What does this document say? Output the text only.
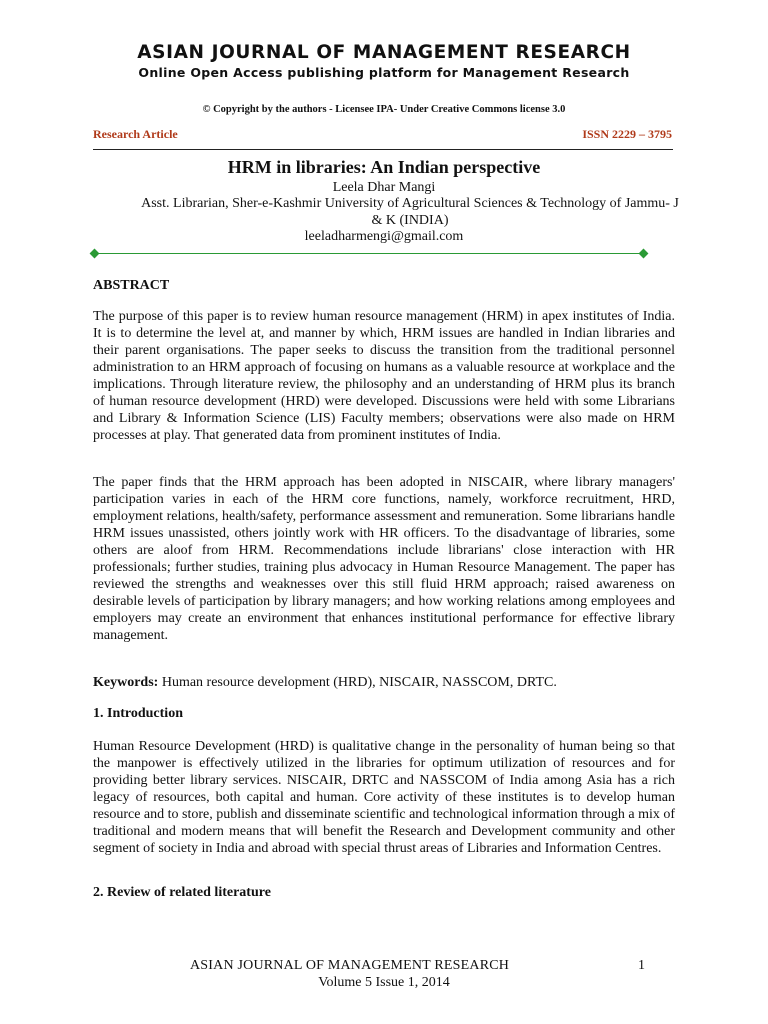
ASIAN JOURNAL OF MANAGEMENT RESEARCH
Online Open Access publishing platform for Management Research
© Copyright by the authors - Licensee IPA- Under Creative Commons license 3.0
Research Article	ISSN 2229 – 3795
HRM in libraries: An Indian perspective
Leela Dhar Mangi
Asst. Librarian, Sher-e-Kashmir University of Agricultural Sciences & Technology of Jammu- J & K (INDIA)
leeladharmengi@gmail.com
ABSTRACT
The purpose of this paper is to review human resource management (HRM) in apex institutes of India. It is to determine the level at, and manner by which, HRM issues are handled in Indian libraries and their parent organisations. The paper seeks to discuss the transition from the traditional personnel administration to an HRM approach of focusing on humans as a valuable resource at workplace and the implications. Through literature review, the philosophy and an understanding of HRM plus its branch of human resource development (HRD) were developed. Discussions were held with some Librarians and Library & Information Science (LIS) Faculty members; observations were also made on HRM processes at play. That generated data from prominent institutes of India.
The paper finds that the HRM approach has been adopted in NISCAIR, where library managers' participation varies in each of the HRM core functions, namely, workforce recruitment, HRD, employment relations, health/safety, performance assessment and remuneration. Some librarians handle HRM issues unassisted, others jointly work with HR officers. To the disadvantage of libraries, some others are aloof from HRM. Recommendations include librarians' close interaction with HR professionals; further studies, training plus advocacy in Human Resource Management. The paper has reviewed the strengths and weaknesses over this still fluid HRM approach; raised awareness on desirable levels of participation by library managers; and how working relations among employees and employers may create an environment that enhances institutional performance for effective library management.
Keywords: Human resource development (HRD), NISCAIR, NASSCOM, DRTC.
1. Introduction
Human Resource Development (HRD) is qualitative change in the personality of human being so that the manpower is effectively utilized in the libraries for optimum utilization of resources and for providing better library services. NISCAIR, DRTC and NASSCOM of India among Asia has a rich legacy of resources, both capital and human. Core activity of these institutes is to develop human resource and to store, publish and disseminate scientific and technological information through a mix of traditional and modern means that will benefit the Research and Development community and other segment of society in India and abroad with special thrust areas of Libraries and Information Centres.
2. Review of related literature
ASIAN JOURNAL OF MANAGEMENT RESEARCH	1
Volume 5 Issue 1, 2014
